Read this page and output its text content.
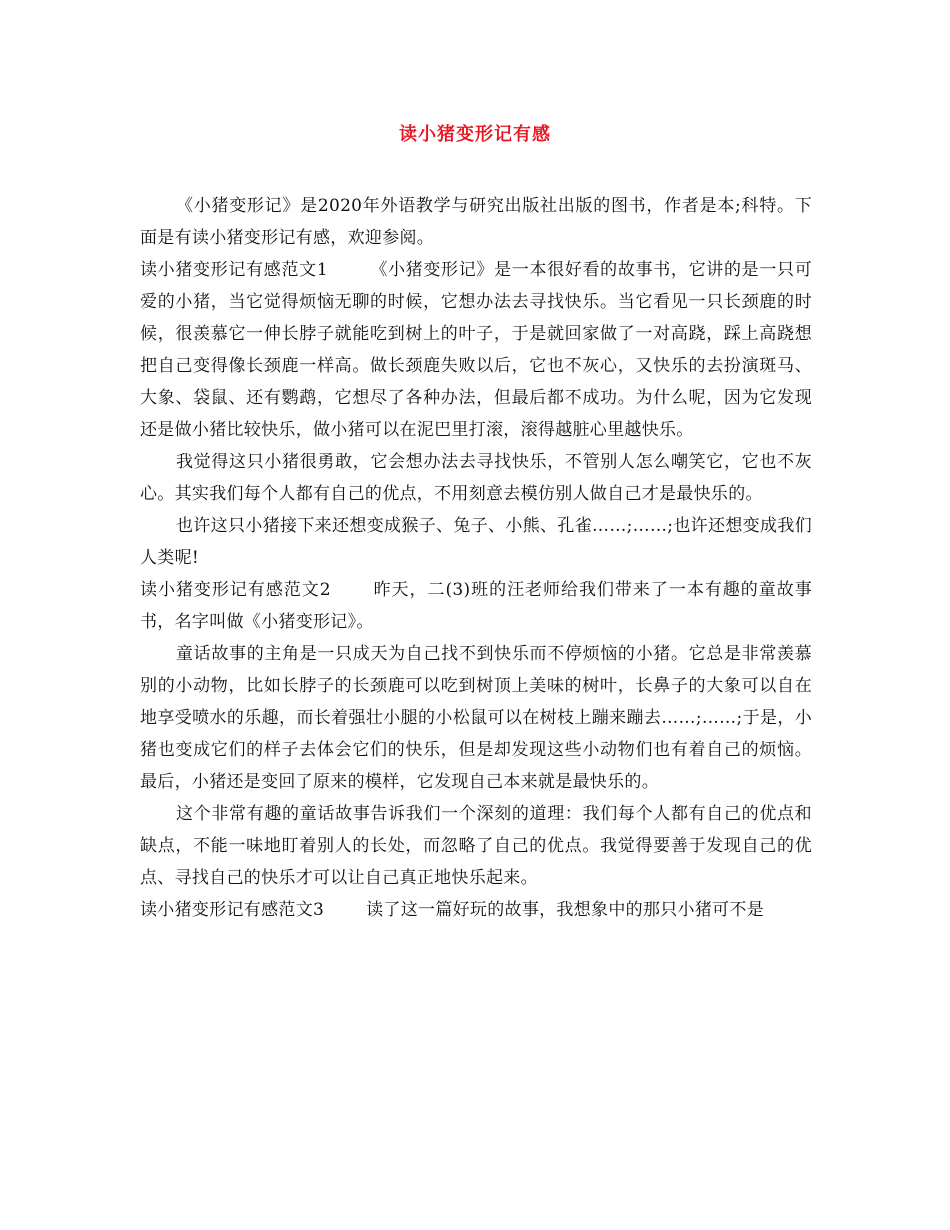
读小猪变形记有感

《小猪变形记》是2020年外语教学与研究出版社出版的图书，作者是本;科特。下面是有读小猪变形记有感，欢迎参阅。

读小猪变形记有感范文1 《小猪变形记》是一本很好看的故事书，它讲的是一只可爱的小猪，当它觉得烦恼无聊的时候，它想办法去寻找快乐。当它看见一只长颈鹿的时候，很羡慕它一伸长脖子就能吃到树上的叶子，于是就回家做了一对高跷，踩上高跷想把自己变得像长颈鹿一样高。做长颈鹿失败以后，它也不灰心，又快乐的去扮演斑马、大象、袋鼠、还有鹦鹉，它想尽了各种办法，但最后都不成功。为什么呢，因为它发现还是做小猪比较快乐，做小猪可以在泥巴里打滚，滚得越脏心里越快乐。

我觉得这只小猪很勇敢，它会想办法去寻找快乐，不管别人怎么嘲笑它，它也不灰心。其实我们每个人都有自己的优点，不用刻意去模仿别人做自己才是最快乐的。

也许这只小猪接下来还想变成猴子、兔子、小熊、孔雀……;……;也许还想变成我们人类呢!

读小猪变形记有感范文2 昨天，二(3)班的汪老师给我们带来了一本有趣的童故事书，名字叫做《小猪变形记》。

童话故事的主角是一只成天为自己找不到快乐而不停烦恼的小猪。它总是非常羡慕别的小动物，比如长脖子的长颈鹿可以吃到树顶上美味的树叶，长鼻子的大象可以自在地享受喷水的乐趣，而长着强壮小腿的小松鼠可以在树枝上蹦来蹦去……;……;于是，小猪也变成它们的样子去体会它们的快乐，但是却发现这些小动物们也有着自己的烦恼。最后，小猪还是变回了原来的模样，它发现自己本来就是最快乐的。

这个非常有趣的童话故事告诉我们一个深刻的道理：我们每个人都有自己的优点和缺点，不能一味地盯着别人的长处，而忽略了自己的优点。我觉得要善于发现自己的优点、寻找自己的快乐才可以让自己真正地快乐起来。

读小猪变形记有感范文3 读了这一篇好玩的故事，我想象中的那只小猪可不是
